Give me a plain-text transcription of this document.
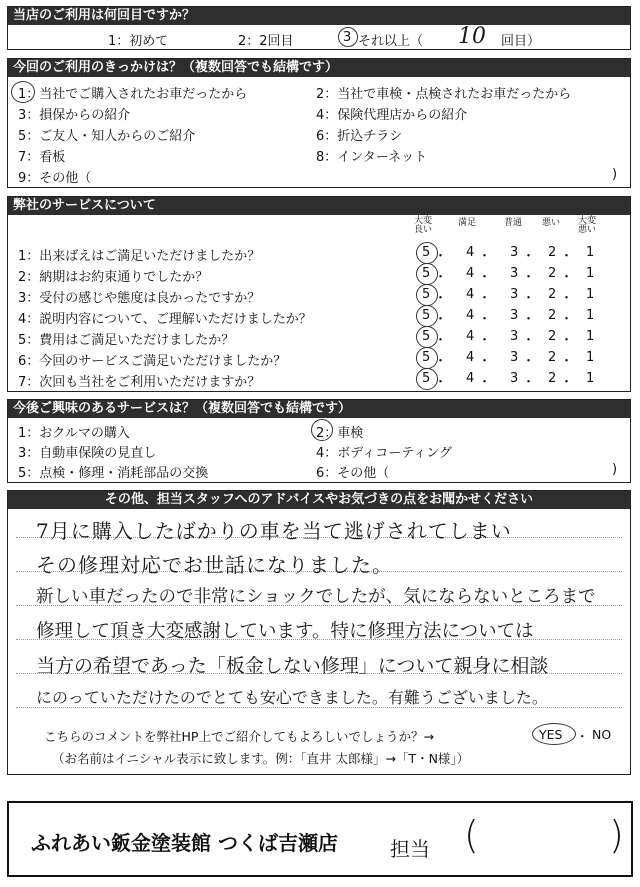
当店のご利用は何回目ですか？
1：初めて	2：2回目	3 それ以上（ 10 回目）
今回のご利用のきっかけは？（複数回答でも結構です）
1：当社でご購入されたお車だったから	2：当社で車検・点検されたお車だったから
3：損保からの紹介	4：保険代理店からの紹介
5：ご友人・知人からのご紹介	6：折込チラシ
7：看板	8：インターネット
9：その他（	)
弊社のサービスについて
大変良い
満足	普通	悪い	大変悪い
1：出来ばえはご満足いただけましたか？	5 ・ 4 ・ 3 ・ 2 ・ 1
2：納期はお約束通りでしたか？	5 ・ 4 ・ 3 ・ 2 ・ 1
3：受付の感じや態度は良かったですか？	5 ・ 4 ・ 3 ・ 2 ・ 1
4：説明内容について、ご理解いただけましたか？	5 ・ 4 ・ 3 ・ 2 ・ 1
5：費用はご満足いただけましたか？	5 ・ 4 ・ 3 ・ 2 ・ 1
6：今回のサービスご満足いただけましたか？	5 ・ 4 ・ 3 ・ 2 ・ 1
7：次回も当社をご利用いただけますか？	5 ・ 4 ・ 3 ・ 2 ・ 1
今後ご興味のあるサービスは？（複数回答でも結構です）
1：おクルマの購入	2：車検
3：自動車保険の見直し	4：ボディコーティング
5：点検・修理・消耗部品の交換	6：その他（	)
その他、担当スタッフへのアドバイスやお気づきの点をお聞かせください
7月に購入したばかりの車を当て逃げされてしまい
その修理対応でお世話になりました。
新しい車だったので非常にショックでしたが、気にならないところまで
修理して頂き大変感謝しています。特に修理方法については
当方の希望であった「板金しない修理」について親身に相談
にのっていただけたのでとても安心できました。有難うございました。
こちらのコメントを弊社HP上でご紹介してもよろしいでしょうか？→	YES ・ NO
（お名前はイニシャル表示に致します。例：「直井 太郎様」→「T・N様」）
ふれあい鈑金塗装館 つくば吉瀬店	担当 (	)
